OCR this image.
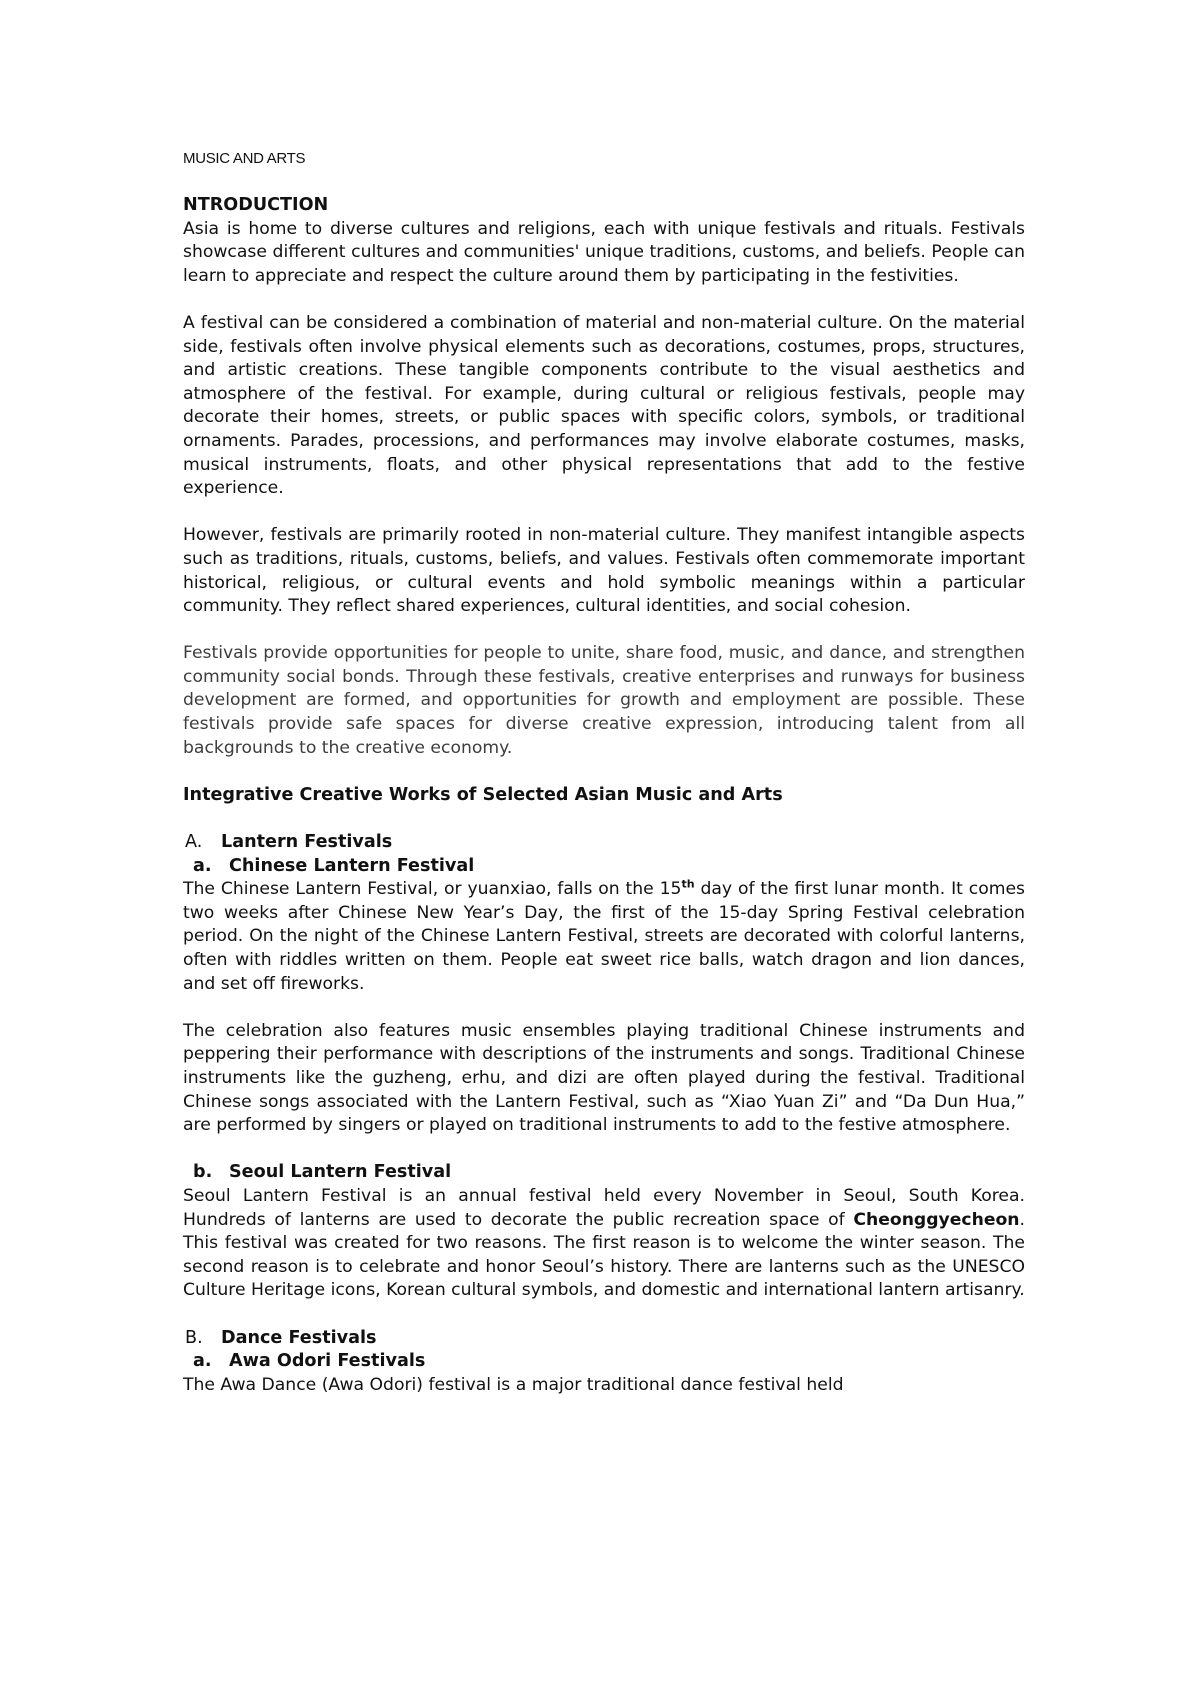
MUSIC AND ARTS

NTRODUCTION

Asia is home to diverse cultures and religions, each with unique festivals and rituals. Festivals showcase different cultures and communities' unique traditions, customs, and beliefs. People can learn to appreciate and respect the culture around them by participating in the festivities.

A festival can be considered a combination of material and non-material culture. On the material side, festivals often involve physical elements such as decorations, costumes, props, structures, and artistic creations. These tangible components contribute to the visual aesthetics and atmosphere of the festival. For example, during cultural or religious festivals, people may decorate their homes, streets, or public spaces with specific colors, symbols, or traditional ornaments. Parades, processions, and performances may involve elaborate costumes, masks, musical instruments, floats, and other physical representations that add to the festive experience.

However, festivals are primarily rooted in non-material culture. They manifest intangible aspects such as traditions, rituals, customs, beliefs, and values. Festivals often commemorate important historical, religious, or cultural events and hold symbolic meanings within a particular community. They reflect shared experiences, cultural identities, and social cohesion.

Festivals provide opportunities for people to unite, share food, music, and dance, and strengthen community social bonds. Through these festivals, creative enterprises and runways for business development are formed, and opportunities for growth and employment are possible. These festivals provide safe spaces for diverse creative expression, introducing talent from all backgrounds to the creative economy.

Integrative Creative Works of Selected Asian Music and Arts

A.	Lantern Festivals
a. Chinese Lantern Festival

The Chinese Lantern Festival, or yuanxiao, falls on the 15th day of the first lunar month. It comes two weeks after Chinese New Year’s Day, the first of the 15-day Spring Festival celebration period. On the night of the Chinese Lantern Festival, streets are decorated with colorful lanterns, often with riddles written on them. People eat sweet rice balls, watch dragon and lion dances, and set off fireworks.

The celebration also features music ensembles playing traditional Chinese instruments and peppering their performance with descriptions of the instruments and songs. Traditional Chinese instruments like the guzheng, erhu, and dizi are often played during the festival. Traditional Chinese songs associated with the Lantern Festival, such as “Xiao Yuan Zi” and “Da Dun Hua,” are performed by singers or played on traditional instruments to add to the festive atmosphere.

b. Seoul Lantern Festival

Seoul Lantern Festival is an annual festival held every November in Seoul, South Korea. Hundreds of lanterns are used to decorate the public recreation space of Cheonggyecheon. This festival was created for two reasons. The first reason is to welcome the winter season. The second reason is to celebrate and honor Seoul’s history. There are lanterns such as the UNESCO Culture Heritage icons, Korean cultural symbols, and domestic and international lantern artisanry.

B.	Dance Festivals
a. Awa Odori Festivals

The Awa Dance (Awa Odori) festival is a major traditional dance festival held
